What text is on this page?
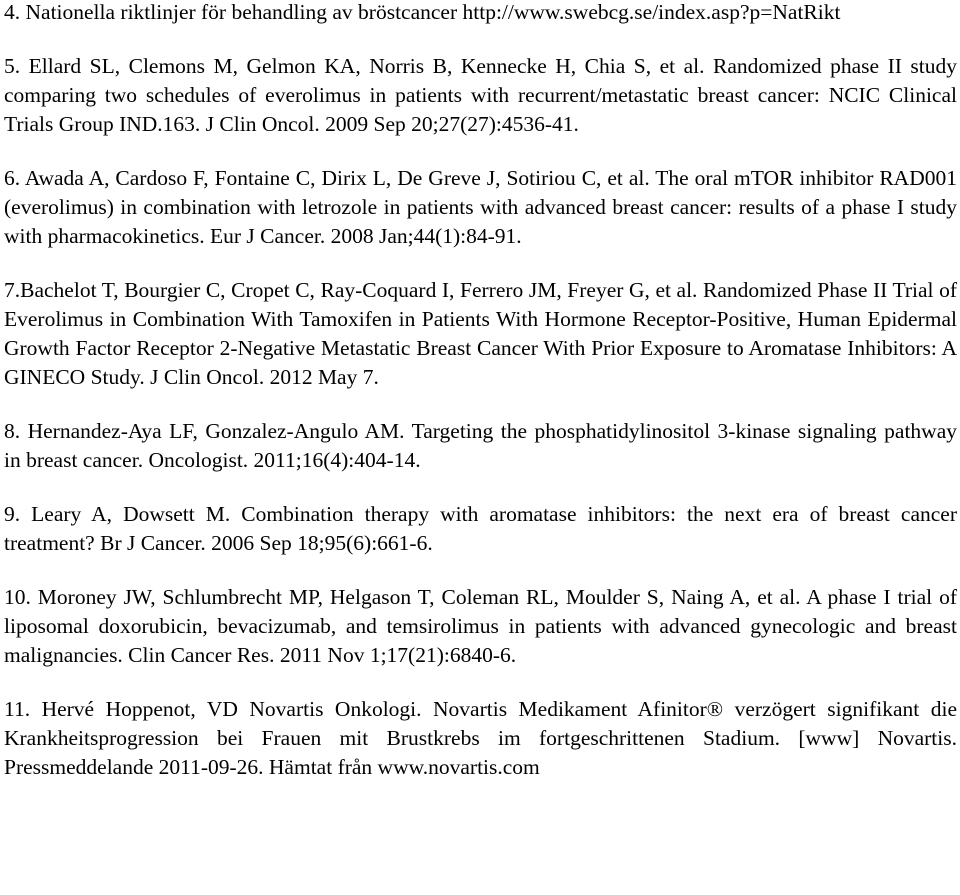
4. Nationella riktlinjer för behandling av bröstcancer http://www.swebcg.se/index.asp?p=NatRikt

5. Ellard SL, Clemons M, Gelmon KA, Norris B, Kennecke H, Chia S, et al. Randomized phase II study comparing two schedules of everolimus in patients with recurrent/metastatic breast cancer: NCIC Clinical Trials Group IND.163. J Clin Oncol. 2009 Sep 20;27(27):4536-41.

6. Awada A, Cardoso F, Fontaine C, Dirix L, De Greve J, Sotiriou C, et al. The oral mTOR inhibitor RAD001 (everolimus) in combination with letrozole in patients with advanced breast cancer: results of a phase I study with pharmacokinetics. Eur J Cancer. 2008 Jan;44(1):84-91.

7.Bachelot T, Bourgier C, Cropet C, Ray-Coquard I, Ferrero JM, Freyer G, et al. Randomized Phase II Trial of Everolimus in Combination With Tamoxifen in Patients With Hormone Receptor-Positive, Human Epidermal Growth Factor Receptor 2-Negative Metastatic Breast Cancer With Prior Exposure to Aromatase Inhibitors: A GINECO Study. J Clin Oncol. 2012 May 7.

8. Hernandez-Aya LF, Gonzalez-Angulo AM. Targeting the phosphatidylinositol 3-kinase signaling pathway in breast cancer. Oncologist. 2011;16(4):404-14.

9. Leary A, Dowsett M. Combination therapy with aromatase inhibitors: the next era of breast cancer treatment? Br J Cancer. 2006 Sep 18;95(6):661-6.

10. Moroney JW, Schlumbrecht MP, Helgason T, Coleman RL, Moulder S, Naing A, et al. A phase I trial of liposomal doxorubicin, bevacizumab, and temsirolimus in patients with advanced gynecologic and breast malignancies. Clin Cancer Res. 2011 Nov 1;17(21):6840-6.

11. Hervé Hoppenot, VD Novartis Onkologi. Novartis Medikament Afinitor® verzögert signifikant die Krankheitsprogression bei Frauen mit Brustkrebs im fortgeschrittenen Stadium. [www] Novartis. Pressmeddelande 2011-09-26. Hämtat från www.novartis.com
